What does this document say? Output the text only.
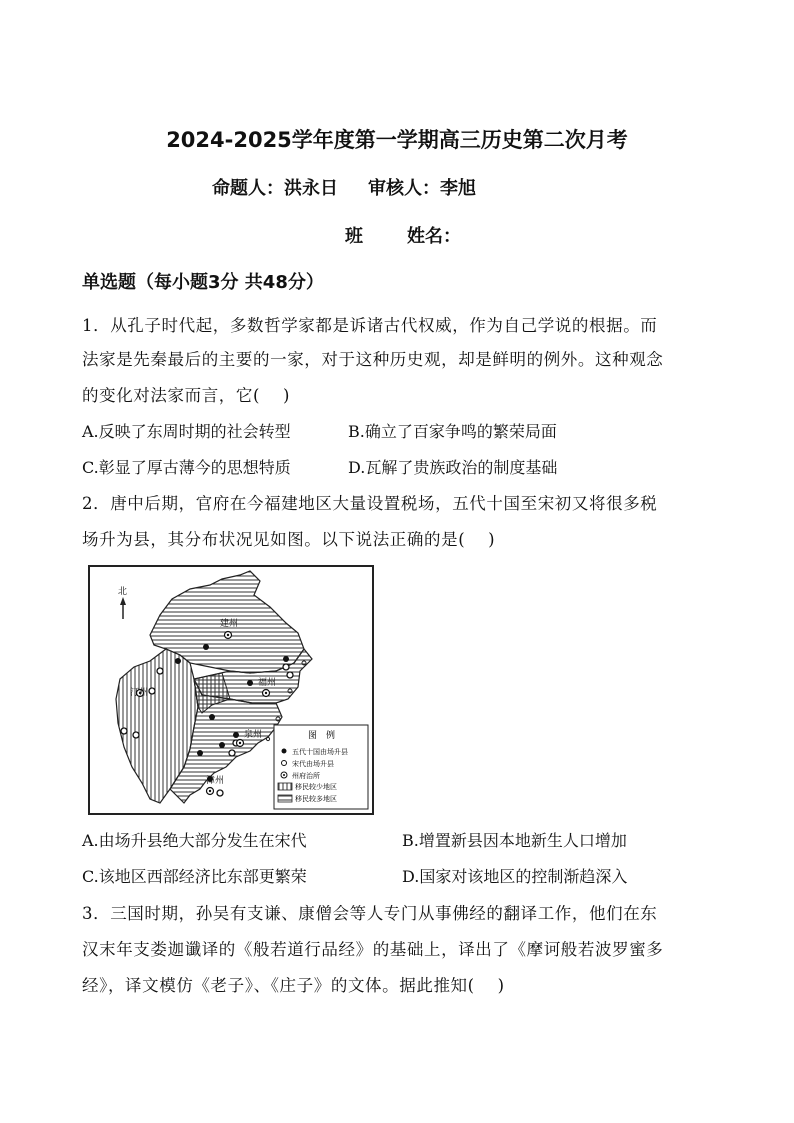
2024-2025学年度第一学期高三历史第二次月考
命题人：洪永日 审核人：李旭
班 姓名：
单选题（每小题3分 共48分）
1．从孔子时代起，多数哲学家都是诉诸古代权威，作为自己学说的根据。而
法家是先秦最后的主要的一家，对于这种历史观，却是鲜明的例外。这种观念
的变化对法家而言，它(　 )
A.反映了东周时期的社会转型	B.确立了百家争鸣的繁荣局面
C.彰显了厚古薄今的思想特质	D.瓦解了贵族政治的制度基础
2．唐中后期，官府在今福建地区大量设置税场，五代十国至宋初又将很多税
场升为县，其分布状况见如图。以下说法正确的是(　 )
北
建州
福州
汀州
泉州
漳州
图　例
五代十国由场升县
宋代由场升县
州府治所
移民较少地区
移民较多地区
A.由场升县绝大部分发生在宋代	B.增置新县因本地新生人口增加
C.该地区西部经济比东部更繁荣	D.国家对该地区的控制渐趋深入
3．三国时期，孙吴有支谦、康僧会等人专门从事佛经的翻译工作，他们在东
汉末年支娄迦谶译的《般若道行品经》的基础上，译出了《摩诃般若波罗蜜多
经》，译文模仿《老子》、《庄子》的文体。据此推知(　 )
